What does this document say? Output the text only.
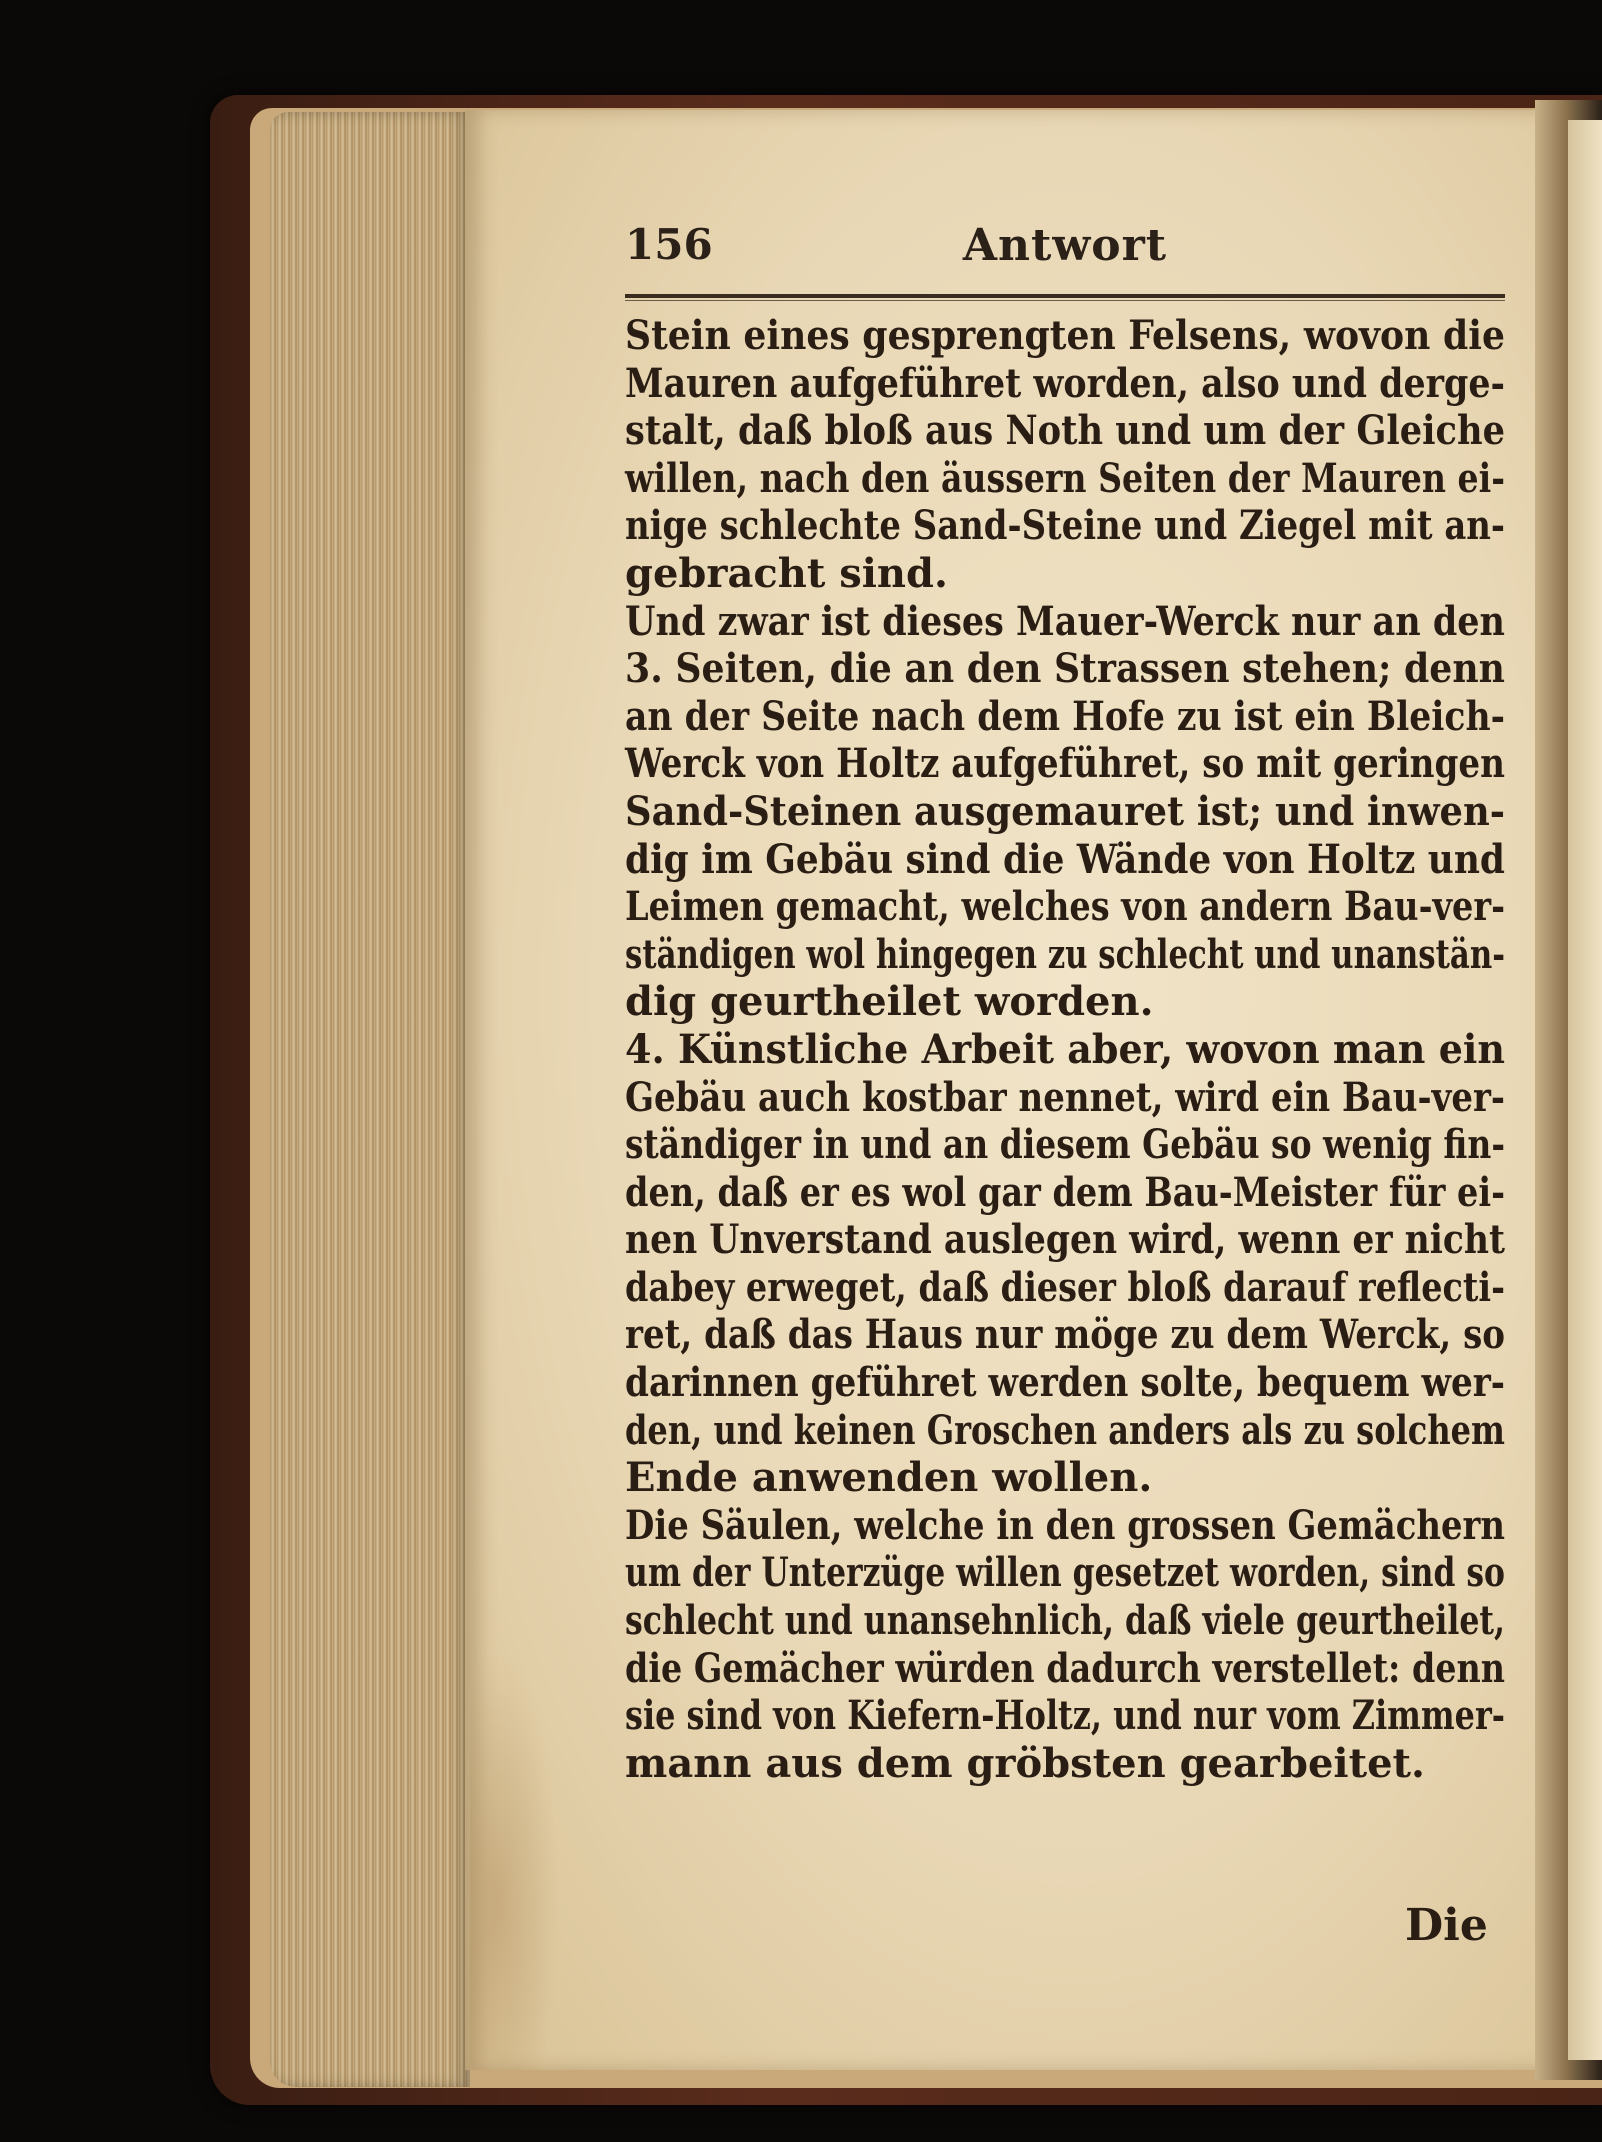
156	Antwort
Stein eines gesprengten Felsens, wovon die
Mauren aufgeführet worden, also und derge-
stalt, daß bloß aus Noth und um der Gleiche
willen, nach den äussern Seiten der Mauren ei-
nige schlechte Sand-Steine und Ziegel mit an-
gebracht sind.
Und zwar ist dieses Mauer-Werck nur an den
3. Seiten, die an den Strassen stehen; denn
an der Seite nach dem Hofe zu ist ein Bleich-
Werck von Holtz aufgeführet, so mit geringen
Sand-Steinen ausgemauret ist; und inwen-
dig im Gebäu sind die Wände von Holtz und
Leimen gemacht, welches von andern Bau-ver-
ständigen wol hingegen zu schlecht und unanstän-
dig geurtheilet worden.
4. Künstliche Arbeit aber, wovon man ein
Gebäu auch kostbar nennet, wird ein Bau-ver-
ständiger in und an diesem Gebäu so wenig fin-
den, daß er es wol gar dem Bau-Meister für ei-
nen Unverstand auslegen wird, wenn er nicht
dabey erweget, daß dieser bloß darauf reflecti-
ret, daß das Haus nur möge zu dem Werck, so
darinnen geführet werden solte, bequem wer-
den, und keinen Groschen anders als zu solchem
Ende anwenden wollen.
Die Säulen, welche in den grossen Gemächern
um der Unterzüge willen gesetzet worden, sind so
schlecht und unansehnlich, daß viele geurtheilet,
die Gemächer würden dadurch verstellet: denn
sie sind von Kiefern-Holtz, und nur vom Zimmer-
mann aus dem gröbsten gearbeitet.
Die
